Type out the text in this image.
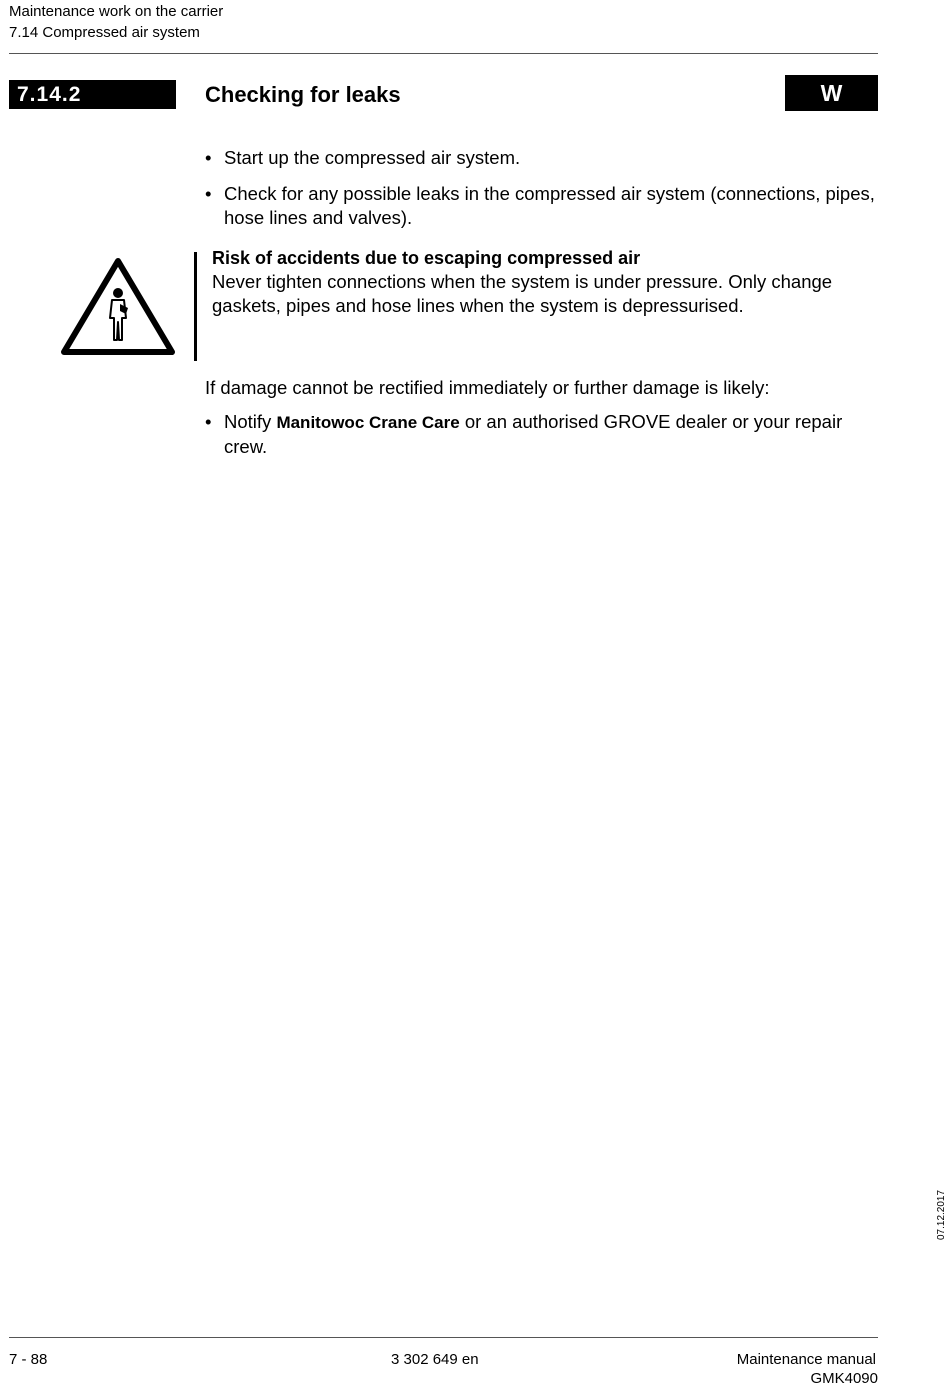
Maintenance work on the carrier
7.14 Compressed air system
7.14.2	Checking for leaks	W
• Start up the compressed air system.
• Check for any possible leaks in the compressed air system (connections, pipes, hose lines and valves).
Risk of accidents due to escaping compressed air
Never tighten connections when the system is under pressure. Only change gaskets, pipes and hose lines when the system is depressurised.
If damage cannot be rectified immediately or further damage is likely:
• Notify Manitowoc Crane Care or an authorised GROVE dealer or your repair crew.
07.12.2017
7 - 88	3 302 649 en	Maintenance manual
GMK4090
